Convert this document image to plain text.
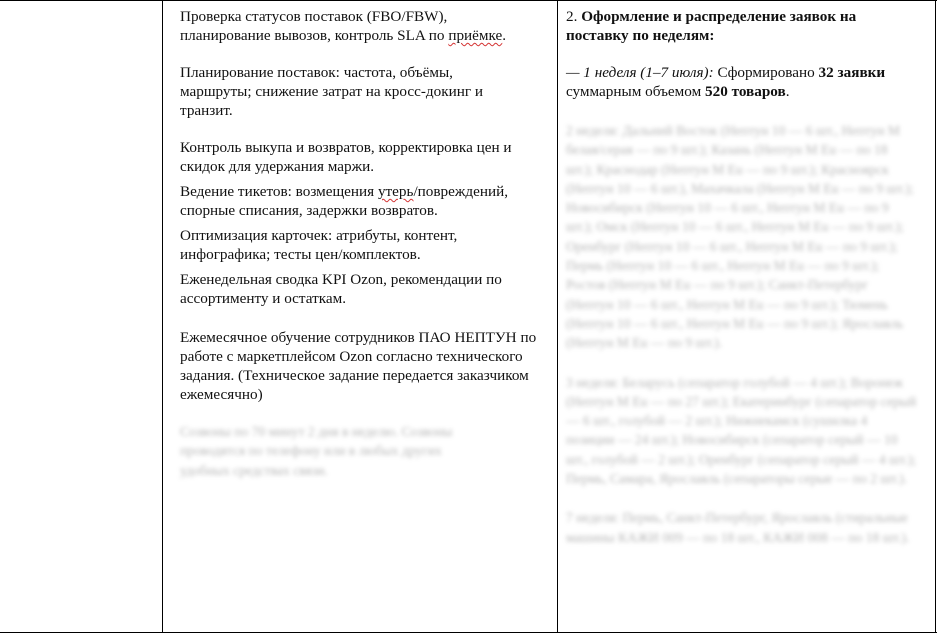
Проверка статусов поставок (FBO/FBW),
планирование вывозов, контроль SLA по приёмке.

Планирование поставок: частота, объёмы, маршруты; снижение затрат на кросс-докинг и транзит.

Контроль выкупа и возвратов, корректировка цен и скидок для удержания маржи.

Ведение тикетов: возмещения утерь/повреждений, спорные списания, задержки возвратов.

Оптимизация карточек: атрибуты, контент, инфографика; тесты цен/комплектов.

Еженедельная сводка KPI Ozon, рекомендации по ассортименту и остаткам.

Ежемесячное обучение сотрудников ПАО НЕПТУН по работе с маркетплейсом Ozon согласно технического задания. (Техническое задание передается заказчиком ежемесячно)

Созвоны по 70 минут 2 дня в неделю. Созвоны проводятся по телефону или в любых других удобных средствах связи.

2. Оформление и распределение заявок на поставку по неделям:

— 1 неделя (1–7 июля): Сформировано 32 заявки суммарным объемом 520 товаров.

2 неделя: Дальний Восток (Нептун 10 — 6 шт., Нептун М белая/серая — по 9 шт.); Казань (Нептун М Eu — по 18 шт.); Краснодар (Нептун М Eu — по 9 шт.); Красноярск (Нептун 10 — 6 шт.), Махачкала (Нептун М Eu — по 9 шт.); Новосибирск (Нептун 10 — 6 шт., Нептун М Eu — по 9 шт.); Омск (Нептун 10 — 6 шт., Нептун М Eu — по 9 шт.); Оренбург (Нептун 10 — 6 шт., Нептун М Eu — по 9 шт.); Пермь (Нептун 10 — 6 шт., Нептун М Eu — по 9 шт.); Ростов (Нептун М Eu — по 9 шт.); Санкт-Петербург (Нептун 10 — 6 шт., Нептун М Eu — по 9 шт.); Тюмень (Нептун 10 — 6 шт., Нептун М Eu — по 9 шт.); Ярославль (Нептун М Eu — по 9 шт.).

3 неделя: Беларусь (сепаратор голубой — 4 шт.); Воронеж (Нептун М Eu — по 27 шт.); Екатеринбург (сепаратор серый — 6 шт., голубой — 2 шт.); Нижнекамск (сушилка 4 позиции — 24 шт.); Новосибирск (сепаратор серый — 10 шт., голубой — 2 шт.); Оренбург (сепаратор серый — 4 шт.); Пермь, Самара, Ярославль (сепараторы серые — по 2 шт.).

7 неделя: Пермь, Санкт-Петербург, Ярославль (стиральные машины КАЖИ 009 — по 18 шт., КАЖИ 008 — по 18 шт.).
